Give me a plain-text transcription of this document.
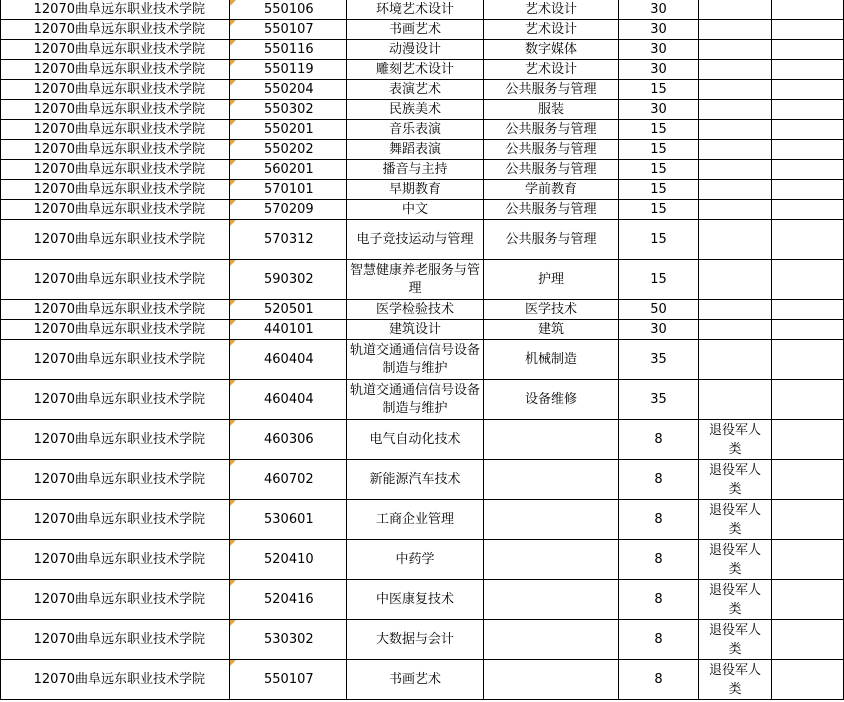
12070曲阜远东职业技术学院	550106	环境艺术设计	艺术设计	30		
12070曲阜远东职业技术学院	550107	书画艺术	艺术设计	30		
12070曲阜远东职业技术学院	550116	动漫设计	数字媒体	30		
12070曲阜远东职业技术学院	550119	雕刻艺术设计	艺术设计	30		
12070曲阜远东职业技术学院	550204	表演艺术	公共服务与管理	15		
12070曲阜远东职业技术学院	550302	民族美术	服装	30		
12070曲阜远东职业技术学院	550201	音乐表演	公共服务与管理	15		
12070曲阜远东职业技术学院	550202	舞蹈表演	公共服务与管理	15		
12070曲阜远东职业技术学院	560201	播音与主持	公共服务与管理	15		
12070曲阜远东职业技术学院	570101	早期教育	学前教育	15		
12070曲阜远东职业技术学院	570209	中文	公共服务与管理	15		
12070曲阜远东职业技术学院	570312	电子竞技运动与管理	公共服务与管理	15		
12070曲阜远东职业技术学院	590302	智慧健康养老服务与管理	护理	15		
12070曲阜远东职业技术学院	520501	医学检验技术	医学技术	50		
12070曲阜远东职业技术学院	440101	建筑设计	建筑	30		
12070曲阜远东职业技术学院	460404	轨道交通通信信号设备制造与维护	机械制造	35		
12070曲阜远东职业技术学院	460404	轨道交通通信信号设备制造与维护	设备维修	35		
12070曲阜远东职业技术学院	460306	电气自动化技术		8	退役军人类	
12070曲阜远东职业技术学院	460702	新能源汽车技术		8	退役军人类	
12070曲阜远东职业技术学院	530601	工商企业管理		8	退役军人类	
12070曲阜远东职业技术学院	520410	中药学		8	退役军人类	
12070曲阜远东职业技术学院	520416	中医康复技术		8	退役军人类	
12070曲阜远东职业技术学院	530302	大数据与会计		8	退役军人类	
12070曲阜远东职业技术学院	550107	书画艺术		8	退役军人类	
